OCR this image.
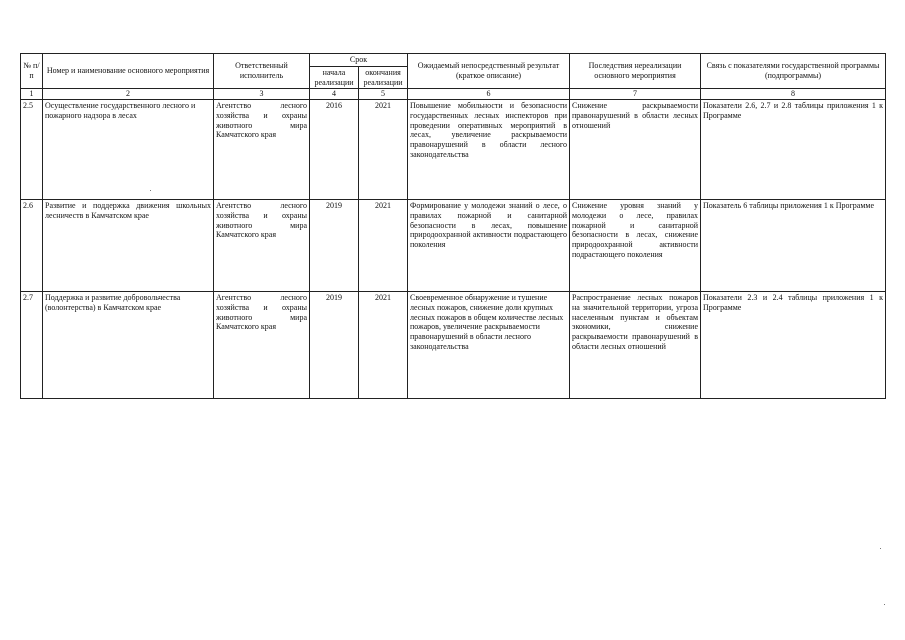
№ п/п	Номер и наименование основного мероприятия	Ответственный исполнитель	Срок		Ожидаемый непосредственный результат (краткое описание)	Последствия нереализации основного мероприятия	Связь с показателями государственной программы (подпрограммы)
			начала реализации	окончания реализации			
1	2	3	4	5	6	7	8
2.5	Осуществление государственного лесного и пожарного надзора в лесах	Агентство лесного хозяйства и охраны животного мира Камчатского края	2016	2021	Повышение мобильности и безопасности государственных лесных инспекторов при проведении оперативных мероприятий в лесах, увеличение раскрываемости правонарушений в области лесного законодательства	Снижение раскрываемости правонарушений в области лесных отношений	Показатели 2.6, 2.7 и 2.8 таблицы приложения 1 к Программе
2.6	Развитие и поддержка движения школьных лесничеств в Камчатском крае	Агентство лесного хозяйства и охраны животного мира Камчатского края	2019	2021	Формирование у молодежи знаний о лесе, о правилах пожарной и санитарной безопасности в лесах, повышение природоохранной активности подрастающего поколения	Снижение уровня знаний у молодежи о лесе, правилах пожарной и санитарной безопасности в лесах, снижение природоохранной активности подрастающего поколения	Показатель 6 таблицы приложения 1 к Программе
2.7	Поддержка и развитие добровольчества (волонтерства) в Камчатском крае	Агентство лесного хозяйства и охраны животного мира Камчатского края	2019	2021	Своевременное обнаружение и тушение лесных пожаров, снижение доли крупных лесных пожаров в общем количестве лесных пожаров, увеличение раскрываемости правонарушений в области лесного законодательства	Распространение лесных пожаров на значительной территории, угроза населенным пунктам и объектам экономики, снижение раскрываемости правонарушений в области лесных отношений	Показатели 2.3 и 2.4 таблицы приложения 1 к Программе
